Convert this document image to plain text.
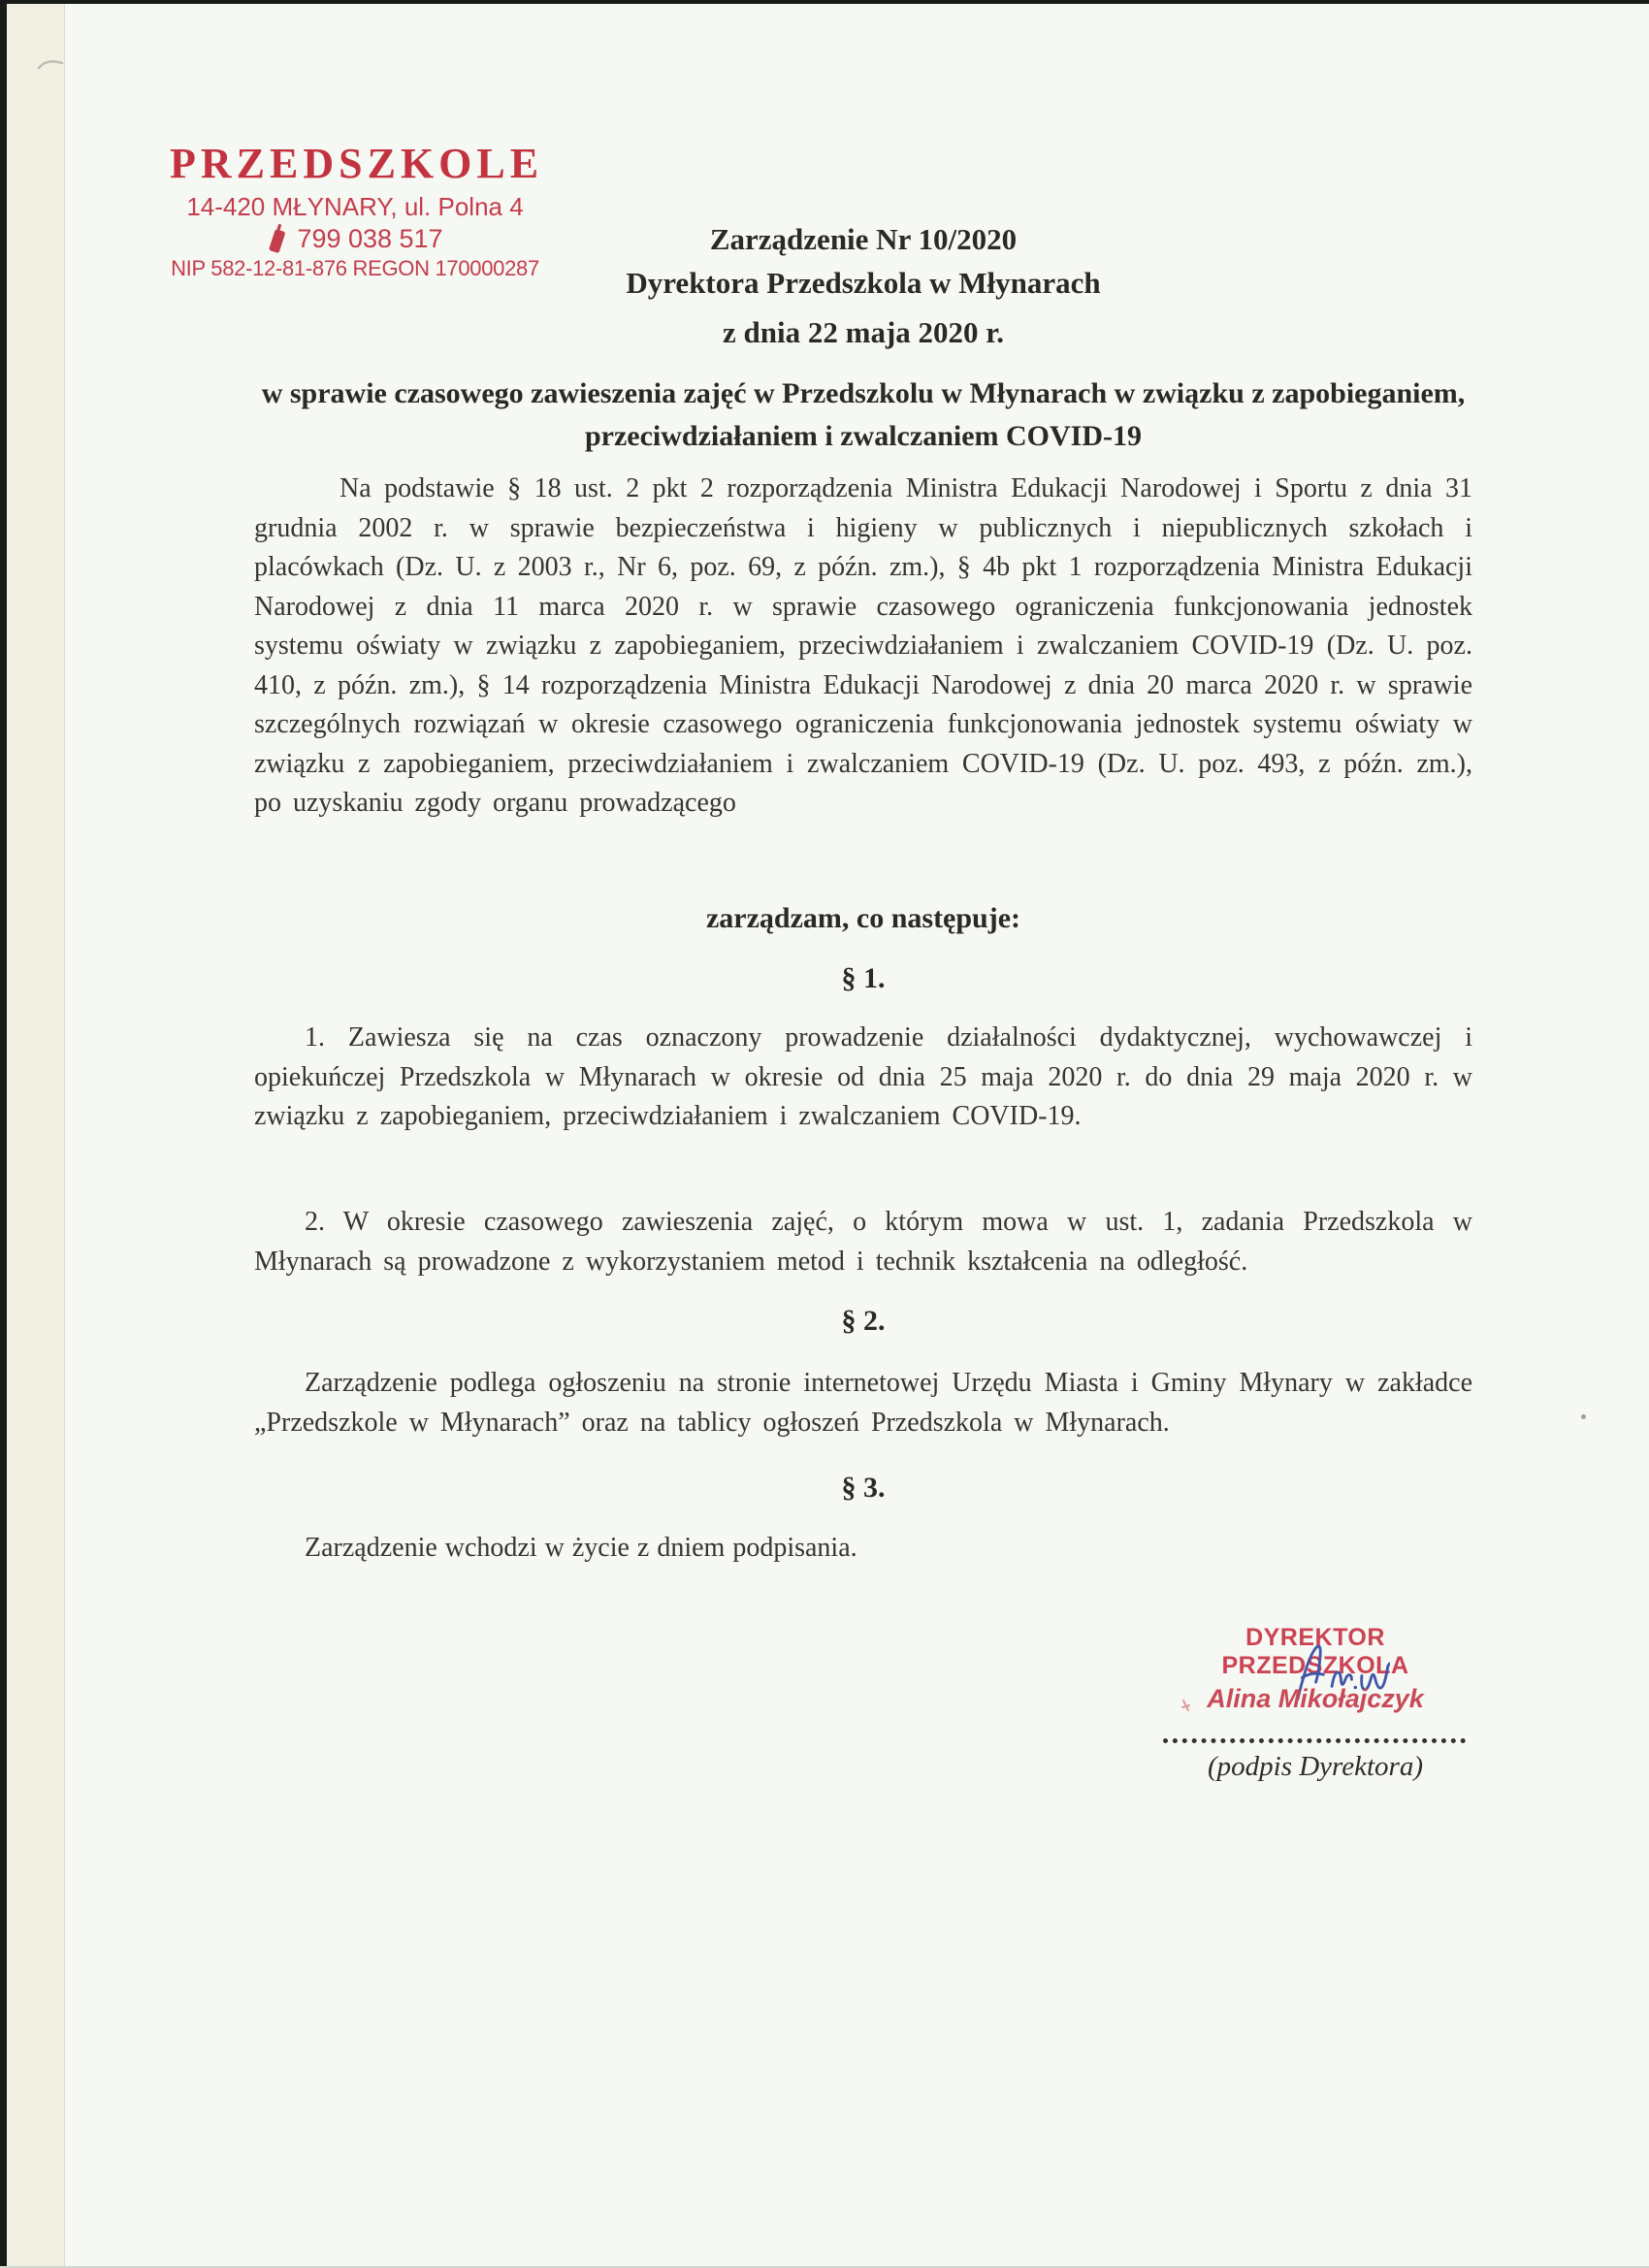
PRZEDSZKOLE
14-420 MŁYNARY, ul. Polna 4
799 038 517
NIP 582-12-81-876 REGON 170000287
Zarządzenie Nr 10/2020
Dyrektora Przedszkola w Młynarach
z dnia 22 maja 2020 r.
w sprawie czasowego zawieszenia zajęć w Przedszkolu w Młynarach w związku z zapobieganiem, przeciwdziałaniem i zwalczaniem COVID-19

Na podstawie § 18 ust. 2 pkt 2 rozporządzenia Ministra Edukacji Narodowej i Sportu z dnia 31 grudnia 2002 r. w sprawie bezpieczeństwa i higieny w publicznych i niepublicznych szkołach i placówkach (Dz. U. z 2003 r., Nr 6, poz. 69, z późn. zm.), § 4b pkt 1 rozporządzenia Ministra Edukacji Narodowej z dnia 11 marca 2020 r. w sprawie czasowego ograniczenia funkcjonowania jednostek systemu oświaty w związku z zapobieganiem, przeciwdziałaniem i zwalczaniem COVID-19 (Dz. U. poz. 410, z późn. zm.), § 14 rozporządzenia Ministra Edukacji Narodowej z dnia 20 marca 2020 r. w sprawie szczególnych rozwiązań w okresie czasowego ograniczenia funkcjonowania jednostek systemu oświaty w związku z zapobieganiem, przeciwdziałaniem i zwalczaniem COVID-19 (Dz. U. poz. 493, z późn. zm.), po uzyskaniu zgody organu prowadzącego

zarządzam, co następuje:
§ 1.

1. Zawiesza się na czas oznaczony prowadzenie działalności dydaktycznej, wychowawczej i opiekuńczej Przedszkola w Młynarach w okresie od dnia 25 maja 2020 r. do dnia 29 maja 2020 r. w związku z zapobieganiem, przeciwdziałaniem i zwalczaniem COVID-19.

2. W okresie czasowego zawieszenia zajęć, o którym mowa w ust. 1, zadania Przedszkola w Młynarach są prowadzone z wykorzystaniem metod i technik kształcenia na odległość.

§ 2.

Zarządzenie podlega ogłoszeniu na stronie internetowej Urzędu Miasta i Gminy Młynary w zakładce „Przedszkole w Młynarach” oraz na tablicy ogłoszeń Przedszkola w Młynarach.

§ 3.

Zarządzenie wchodzi w życie z dniem podpisania.

DYREKTOR PRZEDSZKOLA
Alina Mikołajczyk
(podpis Dyrektora)
